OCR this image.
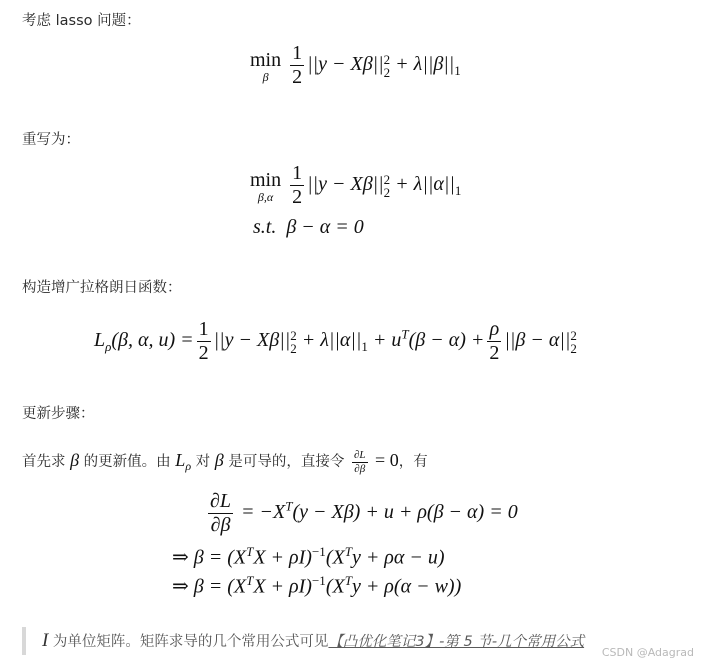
考虑 lasso 问题：
min
β	$\frac{1}{2} ||y - X\beta||$ 2
$2 + \lambda||\beta||_1$
重写为：
min
$\beta,\alpha \frac{1}{2} ||y - X\beta||$ 2
$2 + \lambda||\alpha||_1$
s.t. β − α = 0
构造增广拉格朗日函数：
$L_\rho(\beta$, α, $u) = \frac{1}{2} ||y - X\beta||$ 2
$2 + \lambda||\alpha||_1 + u^T(\beta - \alpha) + \frac{\rho}{2} ||\beta - \alpha||$ 2
2
更新步骤：
首先求 β 的更新值。由 $L_\rho$ 对 β 是可导的，直接令 $\frac{\partial L}{\partial\beta} = 0$，有
$\frac{\partial L}{\partial\beta} = -X^T(y - X\beta) + u + \rho(\beta - \alpha) = 0$
⇒ $\beta = (X^TX + \rho I)^{-1}(X^Ty + \rho\alpha - u)$
⇒ $\beta = (X^TX + \rho I)^{-1}(X^Ty + \rho(\alpha - w))$
I 为单位矩阵。矩阵求导的几个常用公式可见【凸优化笔记3】-第 5 节-几个常用公式
CSDN @Adagrad
